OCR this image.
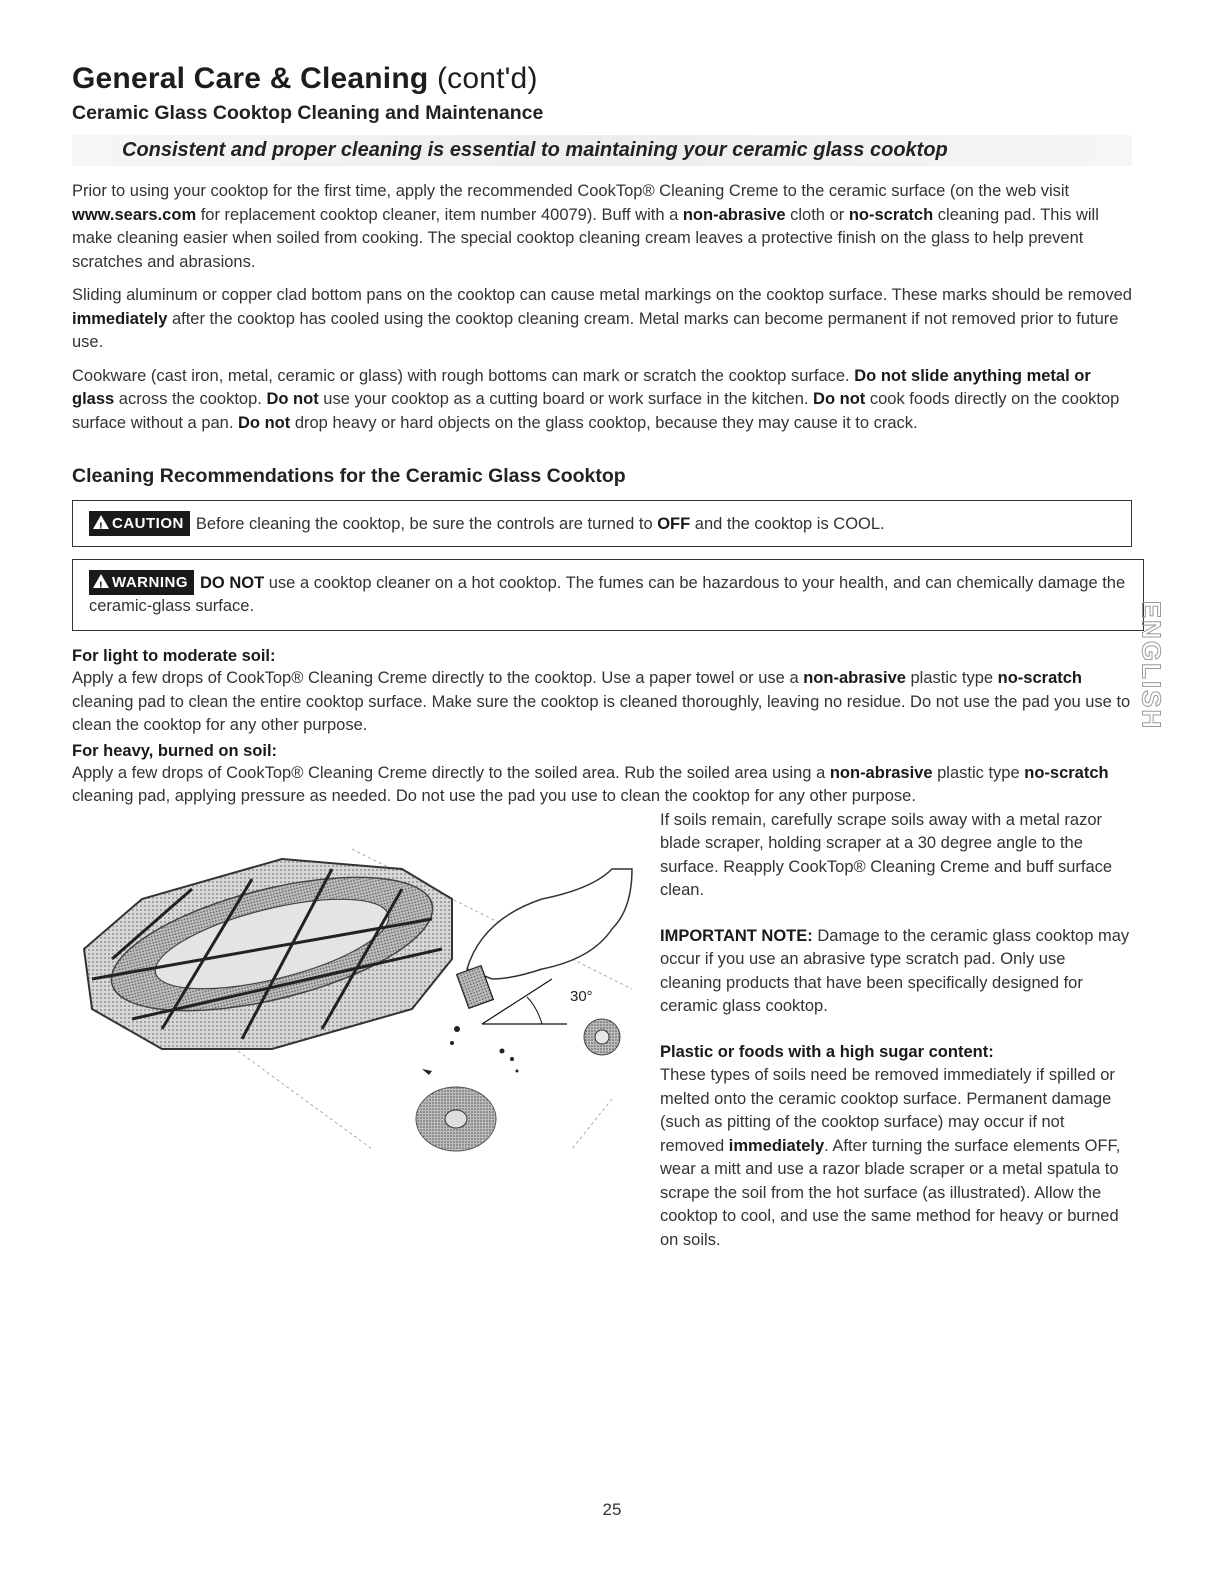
General Care & Cleaning (cont'd)
Ceramic Glass Cooktop Cleaning and Maintenance
Consistent and proper cleaning is essential to maintaining your ceramic glass cooktop

Prior to using your cooktop for the first time, apply the recommended CookTop® Cleaning Creme to the ceramic surface (on the web visit www.sears.com for replacement cooktop cleaner, item number 40079). Buff with a non-abrasive cloth or no-scratch cleaning pad. This will make cleaning easier when soiled from cooking. The special cooktop cleaning cream leaves a protective finish on the glass to help prevent scratches and abrasions.

Sliding aluminum or copper clad bottom pans on the cooktop can cause metal markings on the cooktop surface. These marks should be removed immediately after the cooktop has cooled using the cooktop cleaning cream. Metal marks can become permanent if not removed prior to future use.

Cookware (cast iron, metal, ceramic or glass) with rough bottoms can mark or scratch the cooktop surface. Do not slide anything metal or glass across the cooktop. Do not use your cooktop as a cutting board or work surface in the kitchen. Do not cook foods directly on the cooktop surface without a pan. Do not drop heavy or hard objects on the glass cooktop, because they may cause it to crack.

Cleaning Recommendations for the Ceramic Glass Cooktop
!CAUTION Before cleaning the cooktop, be sure the controls are turned to OFF and the cooktop is COOL.
!WARNING DO NOT use a cooktop cleaner on a hot cooktop. The fumes can be hazardous to your health, and can chemically damage the ceramic-glass surface.
For light to moderate soil:

Apply a few drops of CookTop® Cleaning Creme directly to the cooktop. Use a paper towel or use a non-abrasive plastic type no-scratch cleaning pad to clean the entire cooktop surface. Make sure the cooktop is cleaned thoroughly, leaving no residue. Do not use the pad you use to clean the cooktop for any other purpose.

For heavy, burned on soil:

Apply a few drops of CookTop® Cleaning Creme directly to the soiled area. Rub the soiled area using a non-abrasive plastic type no-scratch cleaning pad, applying pressure as needed. Do not use the pad you use to clean the cooktop for any other purpose.

30°

If soils remain, carefully scrape soils away with a metal razor blade scraper, holding scraper at a 30 degree angle to the surface. Reapply CookTop® Cleaning Creme and buff surface clean.

IMPORTANT NOTE: Damage to the ceramic glass cooktop may occur if you use an abrasive type scratch pad. Only use cleaning products that have been specifically designed for ceramic glass cooktop.

Plastic or foods with a high sugar content:

These types of soils need be removed immediately if spilled or melted onto the ceramic cooktop surface. Permanent damage (such as pitting of the cooktop surface) may occur if not removed immediately. After turning the surface elements OFF, wear a mitt and use a razor blade scraper or a metal spatula to scrape the soil from the hot surface (as illustrated). Allow the cooktop to cool, and use the same method for heavy or burned on soils.

ENGLISH
25
